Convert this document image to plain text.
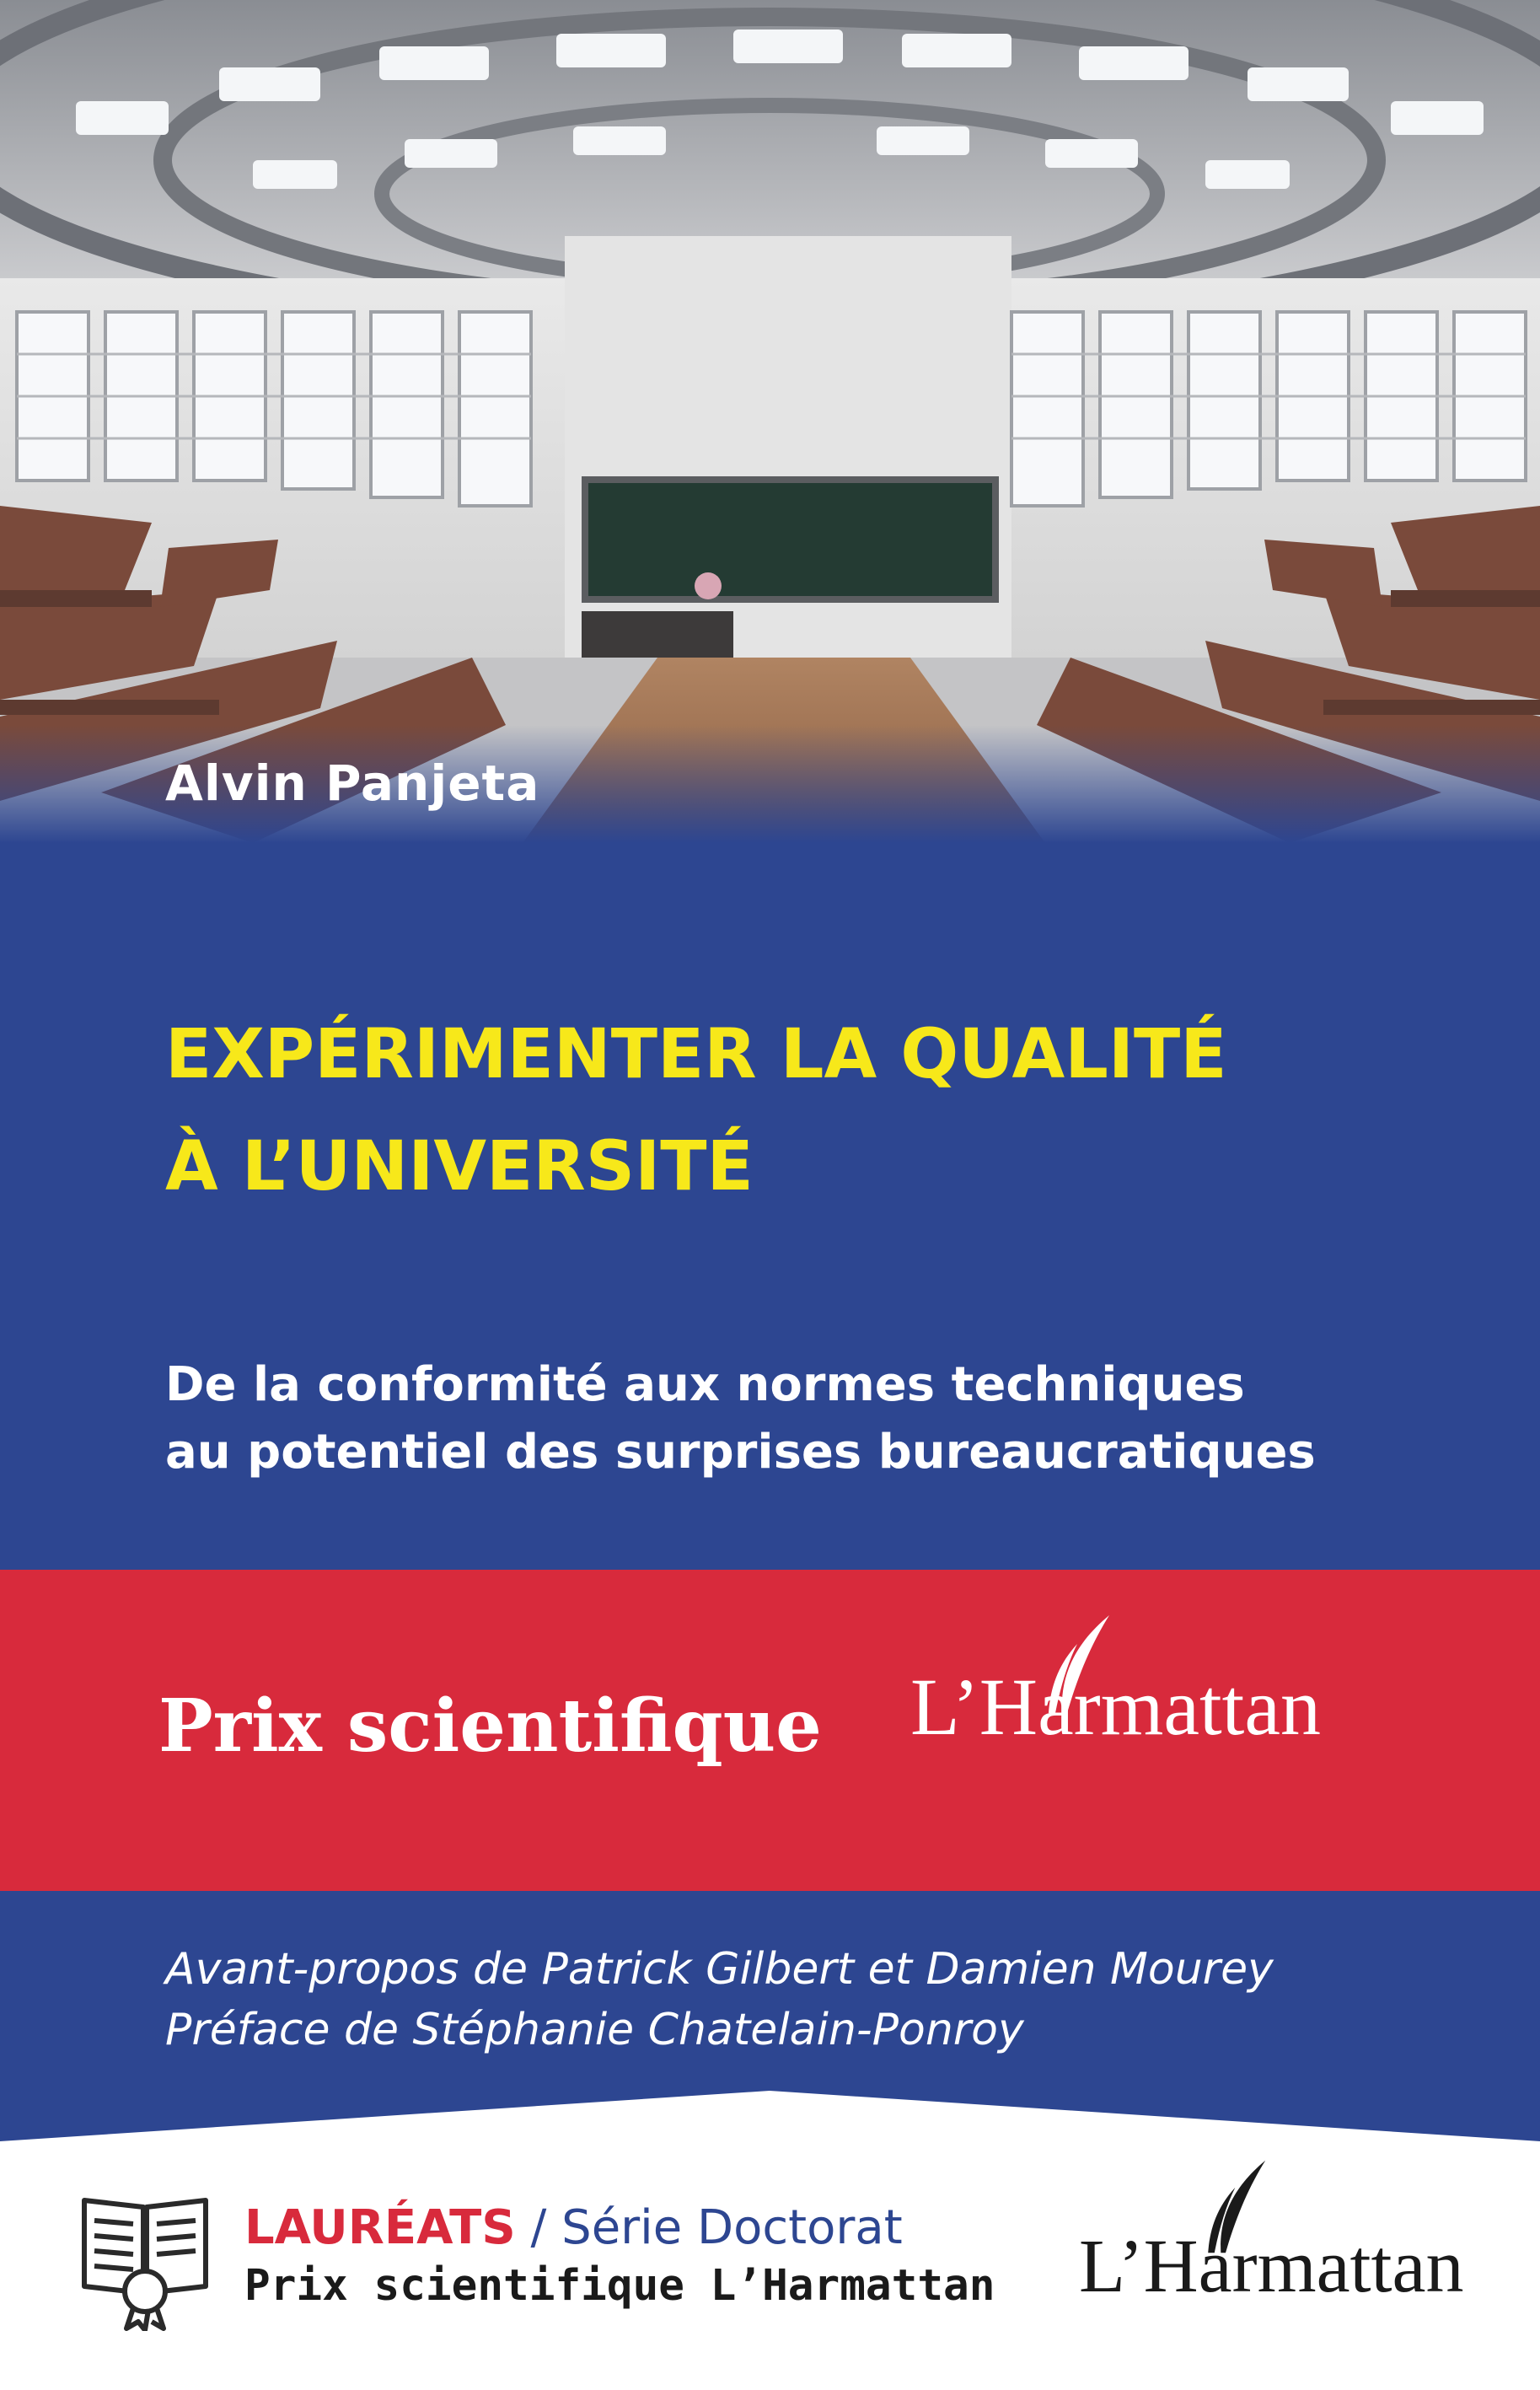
Alvin Panjeta
EXPÉRIMENTER LA QUALITÉ
À L’UNIVERSITÉ
De la conformité aux normes techniques
au potentiel des surprises bureaucratiques
Prix scientifique L’Harmattan
Avant-propos de Patrick Gilbert et Damien Mourey
Préface de Stéphanie Chatelain-Ponroy
LAURÉATS / Série Doctorat
Prix scientifique L’Harmattan L’Harmattan
